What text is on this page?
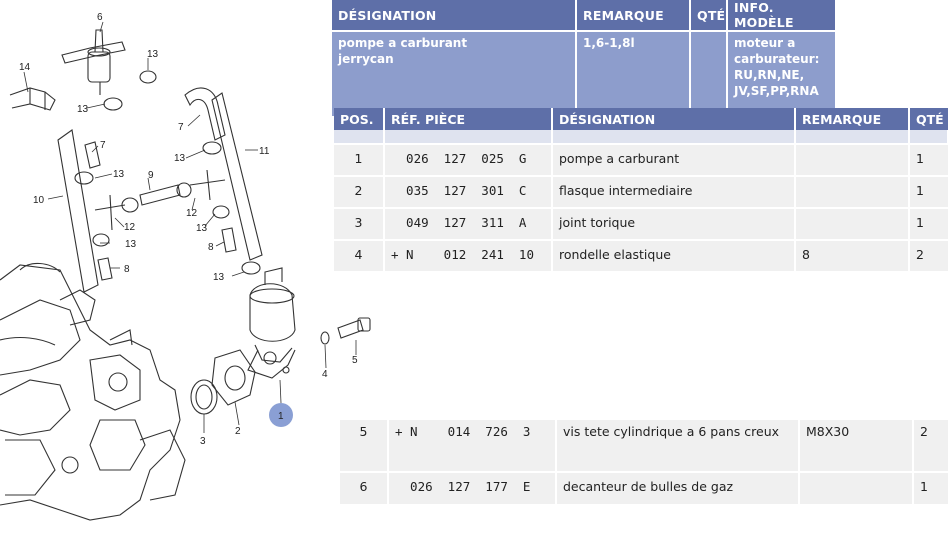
6
13
14
13
7
7
13
11
13 9
10
12
13
12
13	8
8
13
4
5
2
3
1
DÉSIGNATION	REMARQUE	QTÉ	INFO. MODÈLE
pompe a carburant
jerrycan	1,6-1,8l		moteur a carburateur: RU,RN,NE, JV,SF,PP,RNA
POS.	RÉF. PIÈCE	DÉSIGNATION	REMARQUE	QTÉ

1	026  127  025  G	pompe a carburant		1
2	035  127  301  C	flasque intermediaire		1
3	049  127  311  A	joint torique		1
4	+ N    012  241  10	rondelle elastique	8	2
5	+ N    014  726  3	vis tete cylindrique a 6 pans creux	M8X30	2
6	026  127  177  E	decanteur de bulles de gaz		1
